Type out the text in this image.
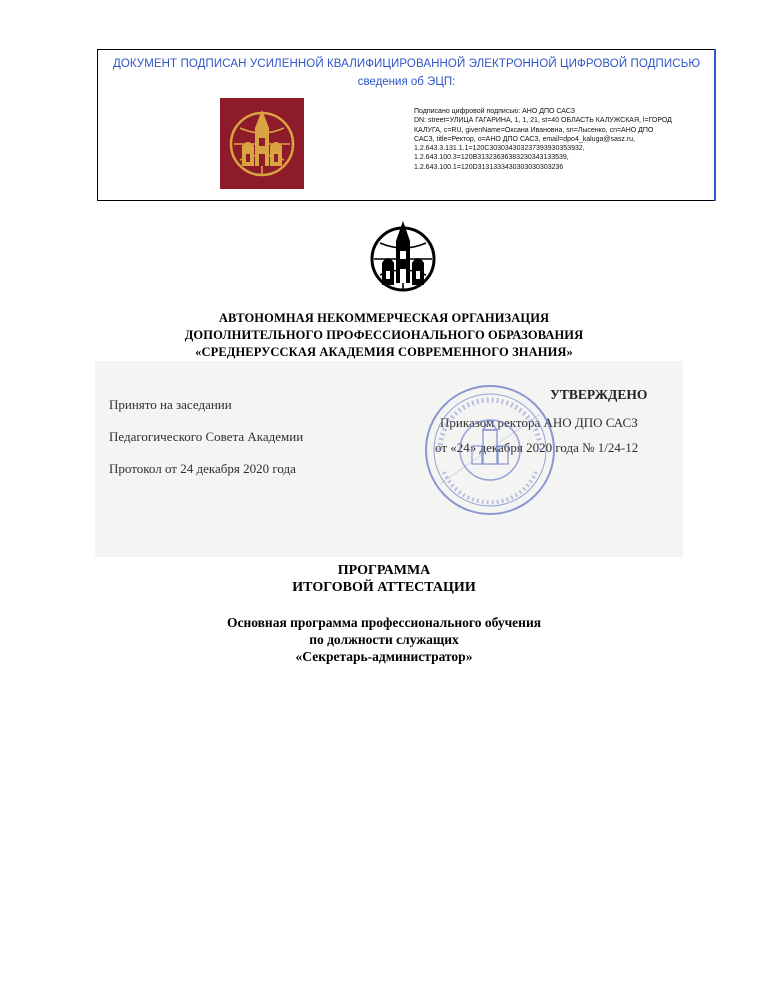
ДОКУМЕНТ ПОДПИСАН УСИЛЕННОЙ КВАЛИФИЦИРОВАННОЙ ЭЛЕКТРОННОЙ ЦИФРОВОЙ ПОДПИСЬЮ
сведения об ЭЦП:
Подписано цифровой подписью: АНО ДПО САСЗ
DN: street=УЛИЦА ГАГАРИНА, 1, 1, 21, st=40 ОБЛАСТЬ КАЛУЖСКАЯ, l=ГОРОД
КАЛУГА, c=RU, givenName=Оксана Ивановна, sn=Лысенко, cn=АНО ДПО
САСЗ, title=Ректор, o=АНО ДПО САСЗ, email=dpo4_kaluga@sasz.ru,
1.2.643.3.131.1.1=120C303034303237393930353932,
1.2.643.100.3=120B31323636383230343133539,
1.2.643.100.1=120D3131333430303030303236
АВТОНОМНАЯ НЕКОММЕРЧЕСКАЯ ОРГАНИЗАЦИЯ
ДОПОЛНИТЕЛЬНОГО ПРОФЕССИОНАЛЬНОГО ОБРАЗОВАНИЯ
«СРЕДНЕРУССКАЯ АКАДЕМИЯ СОВРЕМЕННОГО ЗНАНИЯ»
Принято на заседании
Педагогического Совета Академии
Протокол от 24 декабря 2020 года
УТВЕРЖДЕНО
Приказом ректора АНО ДПО САСЗ
от «24» декабря 2020 года № 1/24-12
ПРОГРАММА
ИТОГОВОЙ АТТЕСТАЦИИ
Основная программа профессионального обучения
по должности служащих
«Секретарь-администратор»
